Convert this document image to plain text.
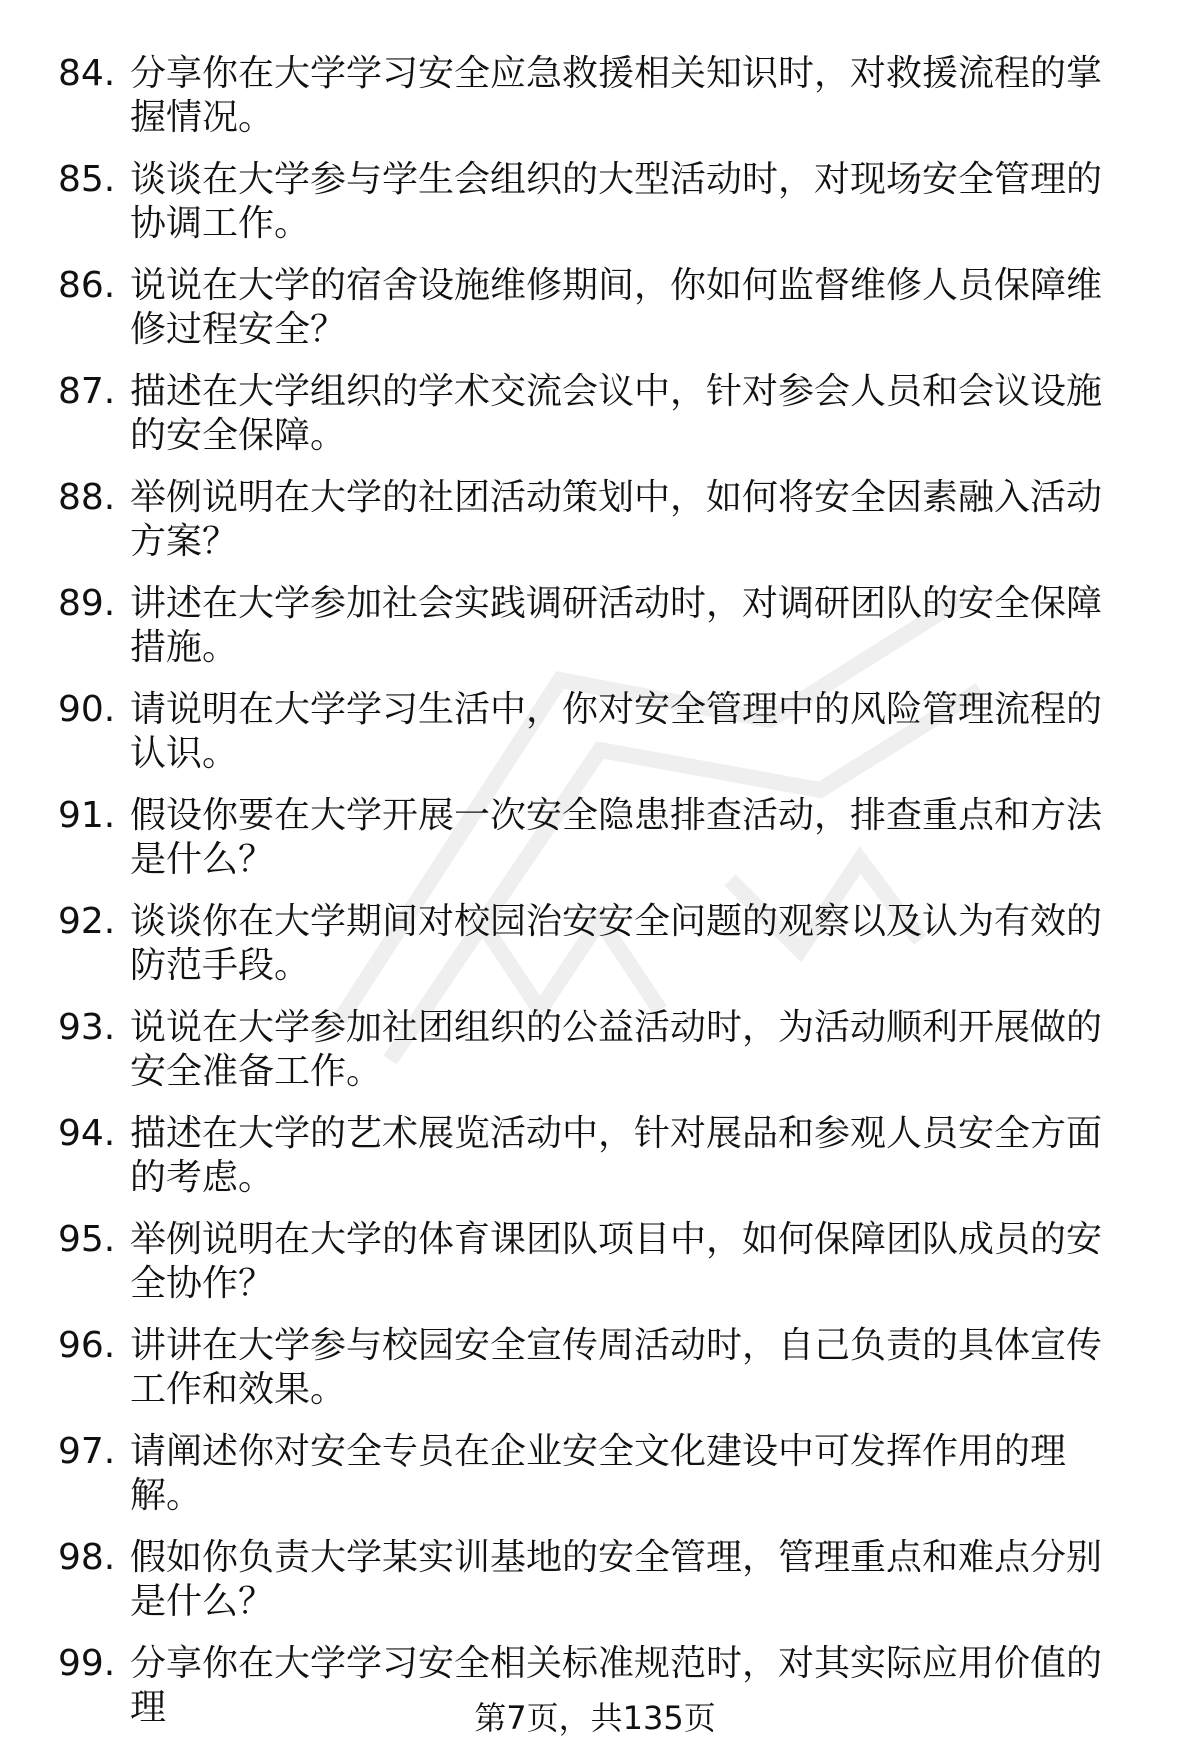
84. 分享你在大学学习安全应急救援相关知识时，对救援流程的掌握情况。
85. 谈谈在大学参与学生会组织的大型活动时，对现场安全管理的协调工作。
86. 说说在大学的宿舍设施维修期间，你如何监督维修人员保障维修过程安全？
87. 描述在大学组织的学术交流会议中，针对参会人员和会议设施的安全保障。
88. 举例说明在大学的社团活动策划中，如何将安全因素融入活动方案？
89. 讲述在大学参加社会实践调研活动时，对调研团队的安全保障措施。
90. 请说明在大学学习生活中，你对安全管理中的风险管理流程的认识。
91. 假设你要在大学开展一次安全隐患排查活动，排查重点和方法是什么？
92. 谈谈你在大学期间对校园治安安全问题的观察以及认为有效的防范手段。
93. 说说在大学参加社团组织的公益活动时，为活动顺利开展做的安全准备工作。
94. 描述在大学的艺术展览活动中，针对展品和参观人员安全方面的考虑。
95. 举例说明在大学的体育课团队项目中，如何保障团队成员的安全协作？
96. 讲讲在大学参与校园安全宣传周活动时，自己负责的具体宣传工作和效果。
97. 请阐述你对安全专员在企业安全文化建设中可发挥作用的理解。
98. 假如你负责大学某实训基地的安全管理，管理重点和难点分别是什么？
99. 分享你在大学学习安全相关标准规范时，对其实际应用价值的理	第7页，共135页
